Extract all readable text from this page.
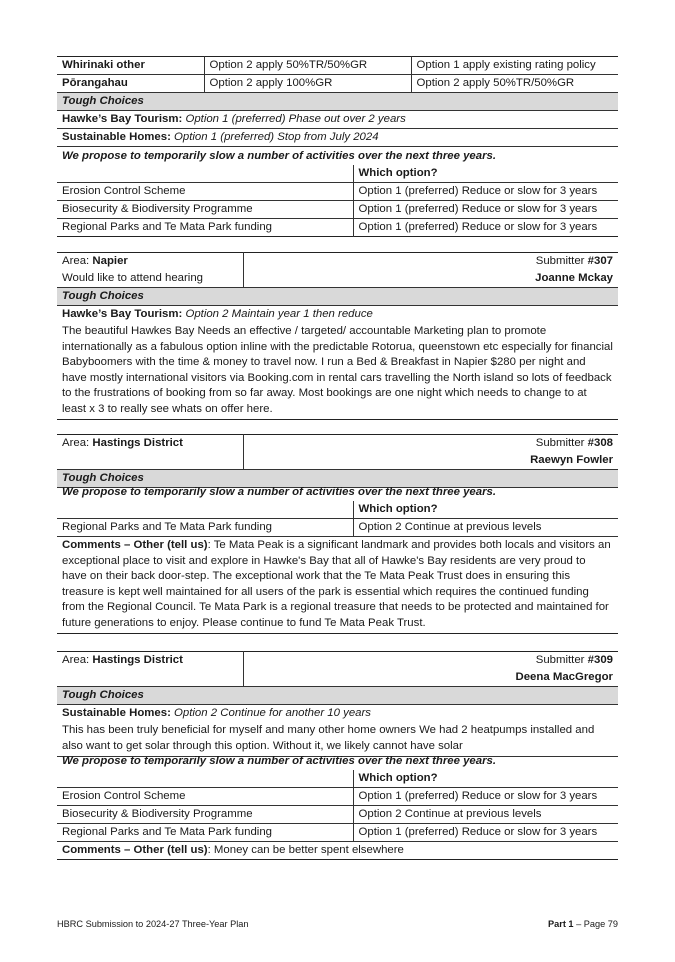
Whirinaki other	Option 2 apply 50%TR/50%GR	Option 1 apply existing rating policy
Pōrangahau	Option 2 apply 100%GR	Option 2 apply 50%TR/50%GR
Tough Choices		
Hawke’s Bay Tourism: Option 1 (preferred) Phase out over 2 years		
Sustainable Homes: Option 1 (preferred) Stop from July 2024		
We propose to temporarily slow a number of activities over the next three years.	
	Which option?
Erosion Control Scheme	Option 1 (preferred) Reduce or slow for 3 years
Biosecurity & Biodiversity Programme	Option 1 (preferred) Reduce or slow for 3 years
Regional Parks and Te Mata Park funding	Option 1 (preferred) Reduce or slow for 3 years
Area: Napier	Submitter #307
Would like to attend hearing	Joanne Mckay
Tough Choices	
Hawke’s Bay Tourism: Option 2 Maintain year 1 then reduce	
The beautiful Hawkes Bay Needs an effective / targeted/ accountable Marketing plan to promote internationally as a fabulous option inline with the predictable Rotorua, queenstown etc especially for financial Babyboomers with the time & money to travel now. I run a Bed & Breakfast in Napier $280 per night and have mostly international visitors via Booking.com in rental cars travelling the North island so lots of feedback to the frustrations of booking from so far away. Most bookings are one night which needs to change to at least x 3 to really see whats on offer here.	
Area: Hastings District	Submitter #308
	Raewyn Fowler
Tough Choices	
We propose to temporarily slow a number of activities over the next three years.	
	Which option?
Regional Parks and Te Mata Park funding	Option 2 Continue at previous levels
Comments – Other (tell us): Te Mata Peak is a significant landmark and provides both locals and visitors an exceptional place to visit and explore in Hawke's Bay that all of Hawke's Bay residents are very proud to have on their back door-step. The exceptional work that the Te Mata Peak Trust does in ensuring this treasure is kept well maintained for all users of the park is essential which requires the continued funding from the Regional Council. Te Mata Park is a regional treasure that needs to be protected and maintained for future generations to enjoy. Please continue to fund Te Mata Peak Trust.	
Area: Hastings District	Submitter #309
	Deena MacGregor
Tough Choices	
Sustainable Homes: Option 2 Continue for another 10 years	
This has been truly beneficial for myself and many other home owners We had 2 heatpumps installed and also want to get solar through this option. Without it, we likely cannot have solar	
We propose to temporarily slow a number of activities over the next three years.	
	Which option?
Erosion Control Scheme	Option 1 (preferred) Reduce or slow for 3 years
Biosecurity & Biodiversity Programme	Option 2 Continue at previous levels
Regional Parks and Te Mata Park funding	Option 1 (preferred) Reduce or slow for 3 years
Comments – Other (tell us): Money can be better spent elsewhere	
HBRC Submission to 2024-27 Three-Year Plan	Part 1 – Page 79
